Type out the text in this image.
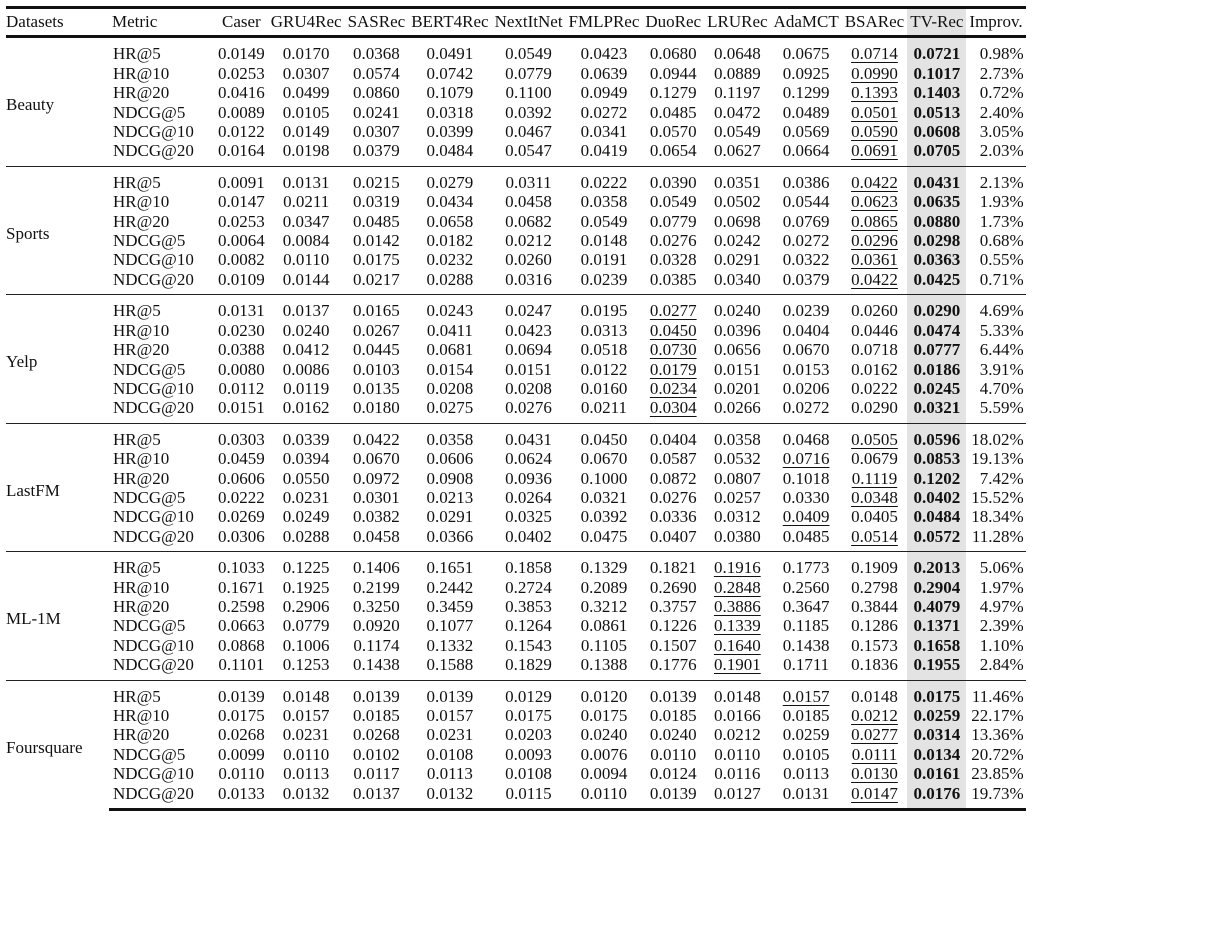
Datasets	Metric	Caser	GRU4Rec	SASRec	BERT4Rec	NextItNet	FMLPRec	DuoRec	LRURec	AdaMCT	BSARec	TV-Rec	Improv.
Beauty	HR@5	0.0149	0.0170	0.0368	0.0491	0.0549	0.0423	0.0680	0.0648	0.0675	0.0714	0.0721	0.98%
	HR@10	0.0253	0.0307	0.0574	0.0742	0.0779	0.0639	0.0944	0.0889	0.0925	0.0990	0.1017	2.73%
	HR@20	0.0416	0.0499	0.0860	0.1079	0.1100	0.0949	0.1279	0.1197	0.1299	0.1393	0.1403	0.72%
	NDCG@5	0.0089	0.0105	0.0241	0.0318	0.0392	0.0272	0.0485	0.0472	0.0489	0.0501	0.0513	2.40%
	NDCG@10	0.0122	0.0149	0.0307	0.0399	0.0467	0.0341	0.0570	0.0549	0.0569	0.0590	0.0608	3.05%
	NDCG@20	0.0164	0.0198	0.0379	0.0484	0.0547	0.0419	0.0654	0.0627	0.0664	0.0691	0.0705	2.03%
Sports	HR@5	0.0091	0.0131	0.0215	0.0279	0.0311	0.0222	0.0390	0.0351	0.0386	0.0422	0.0431	2.13%
	HR@10	0.0147	0.0211	0.0319	0.0434	0.0458	0.0358	0.0549	0.0502	0.0544	0.0623	0.0635	1.93%
	HR@20	0.0253	0.0347	0.0485	0.0658	0.0682	0.0549	0.0779	0.0698	0.0769	0.0865	0.0880	1.73%
	NDCG@5	0.0064	0.0084	0.0142	0.0182	0.0212	0.0148	0.0276	0.0242	0.0272	0.0296	0.0298	0.68%
	NDCG@10	0.0082	0.0110	0.0175	0.0232	0.0260	0.0191	0.0328	0.0291	0.0322	0.0361	0.0363	0.55%
	NDCG@20	0.0109	0.0144	0.0217	0.0288	0.0316	0.0239	0.0385	0.0340	0.0379	0.0422	0.0425	0.71%
Yelp	HR@5	0.0131	0.0137	0.0165	0.0243	0.0247	0.0195	0.0277	0.0240	0.0239	0.0260	0.0290	4.69%
	HR@10	0.0230	0.0240	0.0267	0.0411	0.0423	0.0313	0.0450	0.0396	0.0404	0.0446	0.0474	5.33%
	HR@20	0.0388	0.0412	0.0445	0.0681	0.0694	0.0518	0.0730	0.0656	0.0670	0.0718	0.0777	6.44%
	NDCG@5	0.0080	0.0086	0.0103	0.0154	0.0151	0.0122	0.0179	0.0151	0.0153	0.0162	0.0186	3.91%
	NDCG@10	0.0112	0.0119	0.0135	0.0208	0.0208	0.0160	0.0234	0.0201	0.0206	0.0222	0.0245	4.70%
	NDCG@20	0.0151	0.0162	0.0180	0.0275	0.0276	0.0211	0.0304	0.0266	0.0272	0.0290	0.0321	5.59%
LastFM	HR@5	0.0303	0.0339	0.0422	0.0358	0.0431	0.0450	0.0404	0.0358	0.0468	0.0505	0.0596	18.02%
	HR@10	0.0459	0.0394	0.0670	0.0606	0.0624	0.0670	0.0587	0.0532	0.0716	0.0679	0.0853	19.13%
	HR@20	0.0606	0.0550	0.0972	0.0908	0.0936	0.1000	0.0872	0.0807	0.1018	0.1119	0.1202	7.42%
	NDCG@5	0.0222	0.0231	0.0301	0.0213	0.0264	0.0321	0.0276	0.0257	0.0330	0.0348	0.0402	15.52%
	NDCG@10	0.0269	0.0249	0.0382	0.0291	0.0325	0.0392	0.0336	0.0312	0.0409	0.0405	0.0484	18.34%
	NDCG@20	0.0306	0.0288	0.0458	0.0366	0.0402	0.0475	0.0407	0.0380	0.0485	0.0514	0.0572	11.28%
ML-1M	HR@5	0.1033	0.1225	0.1406	0.1651	0.1858	0.1329	0.1821	0.1916	0.1773	0.1909	0.2013	5.06%
	HR@10	0.1671	0.1925	0.2199	0.2442	0.2724	0.2089	0.2690	0.2848	0.2560	0.2798	0.2904	1.97%
	HR@20	0.2598	0.2906	0.3250	0.3459	0.3853	0.3212	0.3757	0.3886	0.3647	0.3844	0.4079	4.97%
	NDCG@5	0.0663	0.0779	0.0920	0.1077	0.1264	0.0861	0.1226	0.1339	0.1185	0.1286	0.1371	2.39%
	NDCG@10	0.0868	0.1006	0.1174	0.1332	0.1543	0.1105	0.1507	0.1640	0.1438	0.1573	0.1658	1.10%
	NDCG@20	0.1101	0.1253	0.1438	0.1588	0.1829	0.1388	0.1776	0.1901	0.1711	0.1836	0.1955	2.84%
Foursquare	HR@5	0.0139	0.0148	0.0139	0.0139	0.0129	0.0120	0.0139	0.0148	0.0157	0.0148	0.0175	11.46%
	HR@10	0.0175	0.0157	0.0185	0.0157	0.0175	0.0175	0.0185	0.0166	0.0185	0.0212	0.0259	22.17%
	HR@20	0.0268	0.0231	0.0268	0.0231	0.0203	0.0240	0.0240	0.0212	0.0259	0.0277	0.0314	13.36%
	NDCG@5	0.0099	0.0110	0.0102	0.0108	0.0093	0.0076	0.0110	0.0110	0.0105	0.0111	0.0134	20.72%
	NDCG@10	0.0110	0.0113	0.0117	0.0113	0.0108	0.0094	0.0124	0.0116	0.0113	0.0130	0.0161	23.85%
	NDCG@20	0.0133	0.0132	0.0137	0.0132	0.0115	0.0110	0.0139	0.0127	0.0131	0.0147	0.0176	19.73%
